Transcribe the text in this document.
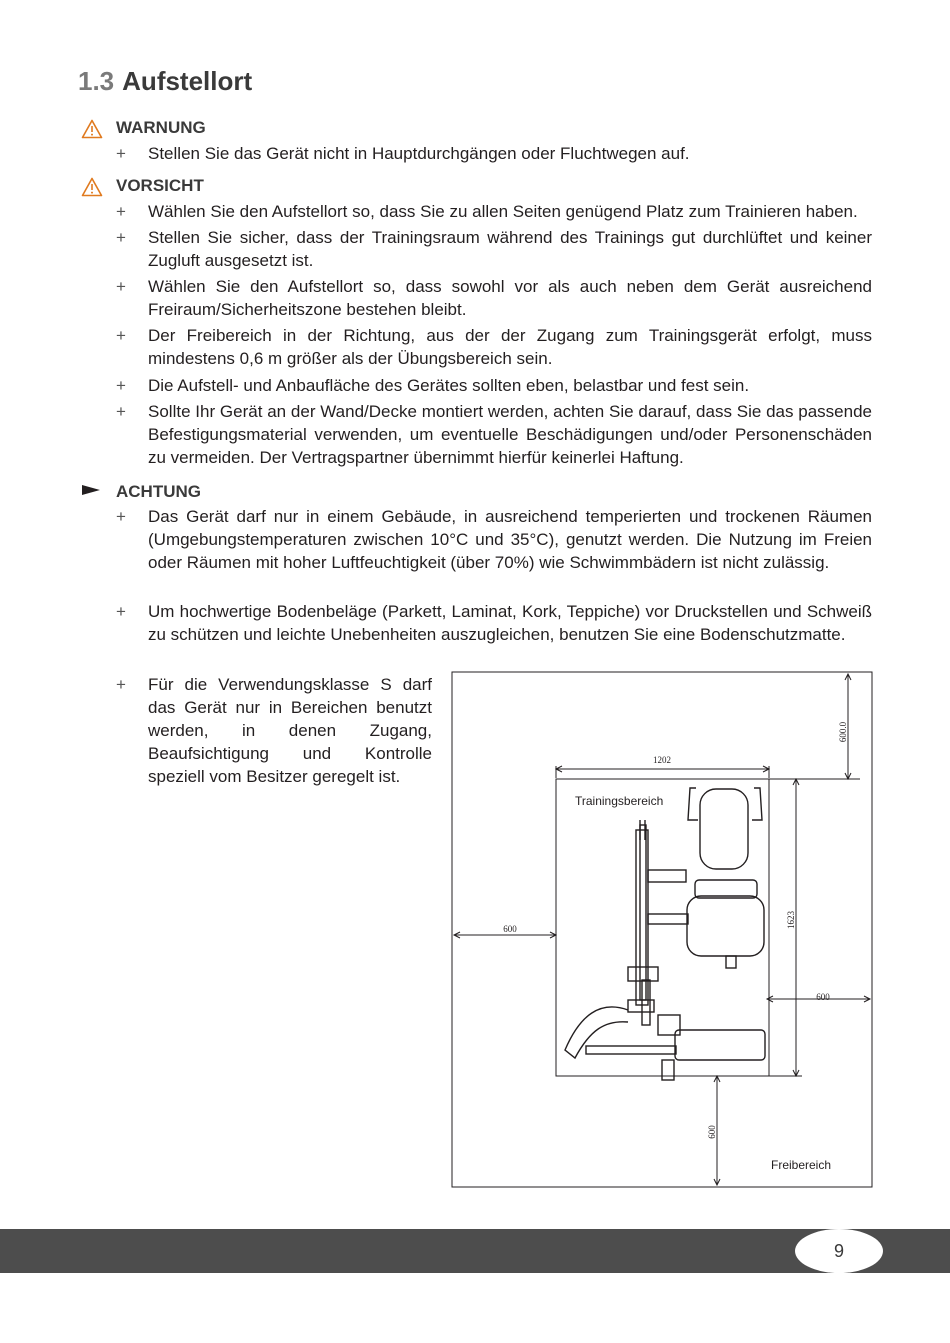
1.3 Aufstellort
WARNUNG
+ Stellen Sie das Gerät nicht in Hauptdurchgängen oder Fluchtwegen auf.
VORSICHT
+ Wählen Sie den Aufstellort so, dass Sie zu allen Seiten genügend Platz zum Trainieren haben.
+ Stellen Sie sicher, dass der Trainingsraum während des Trainings gut durchlüftet und keiner Zugluft ausgesetzt ist.
+ Wählen Sie den Aufstellort so, dass sowohl vor als auch neben dem Gerät ausreichend Freiraum/Sicherheitszone bestehen bleibt.
+ Der Freibereich in der Richtung, aus der der Zugang zum Trainingsgerät erfolgt, muss mindestens 0,6 m größer als der Übungsbereich sein.
+ Die Aufstell- und Anbaufläche des Gerätes sollten eben, belastbar und fest sein.
+ Sollte Ihr Gerät an der Wand/Decke montiert werden, achten Sie darauf, dass Sie das passende Befestigungsmaterial verwenden, um eventuelle Beschädigungen und/oder Personenschäden zu vermeiden. Der Vertragspartner übernimmt hierfür keinerlei Haftung.
ACHTUNG
+ Das Gerät darf nur in einem Gebäude, in ausreichend temperierten und trockenen Räumen (Umgebungstemperaturen zwischen 10°C und 35°C), genutzt werden. Die Nutzung im Freien oder Räumen mit hoher Luftfeuchtigkeit (über 70%) wie Schwimmbädern ist nicht zulässig.
+ Um hochwertige Bodenbeläge (Parkett, Laminat, Kork, Teppiche) vor Druckstellen und Schweiß zu schützen und leichte Unebenheiten auszugleichen, benutzen Sie eine Bodenschutzmatte.
+ Für die Verwendungsklasse S darf das Gerät nur in Bereichen benutzt werden, in denen Zugang, Beaufsichtigung und Kontrolle speziell vom Besitzer geregelt ist.
1202
600
600
600.0
1623
600
Trainingsbereich
Freibereich
9
